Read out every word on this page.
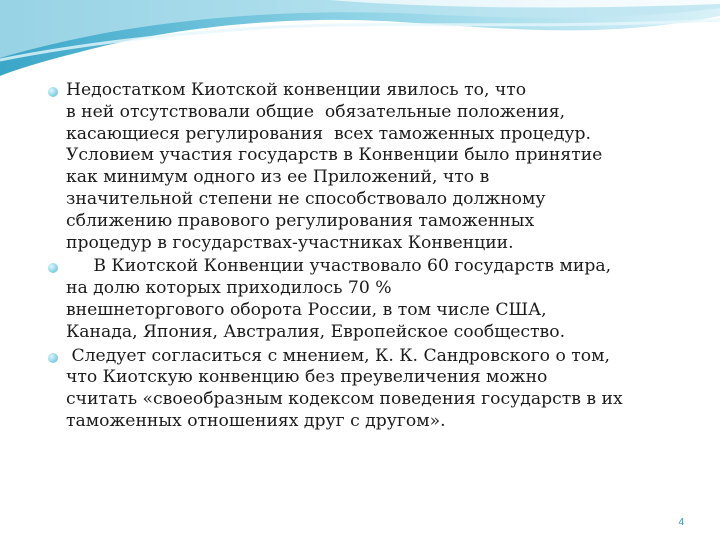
Недостатком Киотской конвенции явилось то, что
в ней отсутствовали общие  обязательные положения,
касающиеся регулирования  всех таможенных процедур.
Условием участия государств в Конвенции было принятие
как минимум одного из ее Приложений, что в
значительной степени не способствовало должному
сближению правового регулирования таможенных
процедур в государствах-участниках Конвенции.

В Киотской Конвенции участвовало 60 государств мира,
на долю которых приходилось 70 %
внешнеторгового оборота России, в том числе США,
Канада, Япония, Австралия, Европейское сообщество.

Следует согласиться с мнением, К. К. Сандровского о том,
что Киотскую конвенцию без преувеличения можно
считать «своеобразным кодексом поведения государств в их
таможенных отношениях друг с другом».

4
